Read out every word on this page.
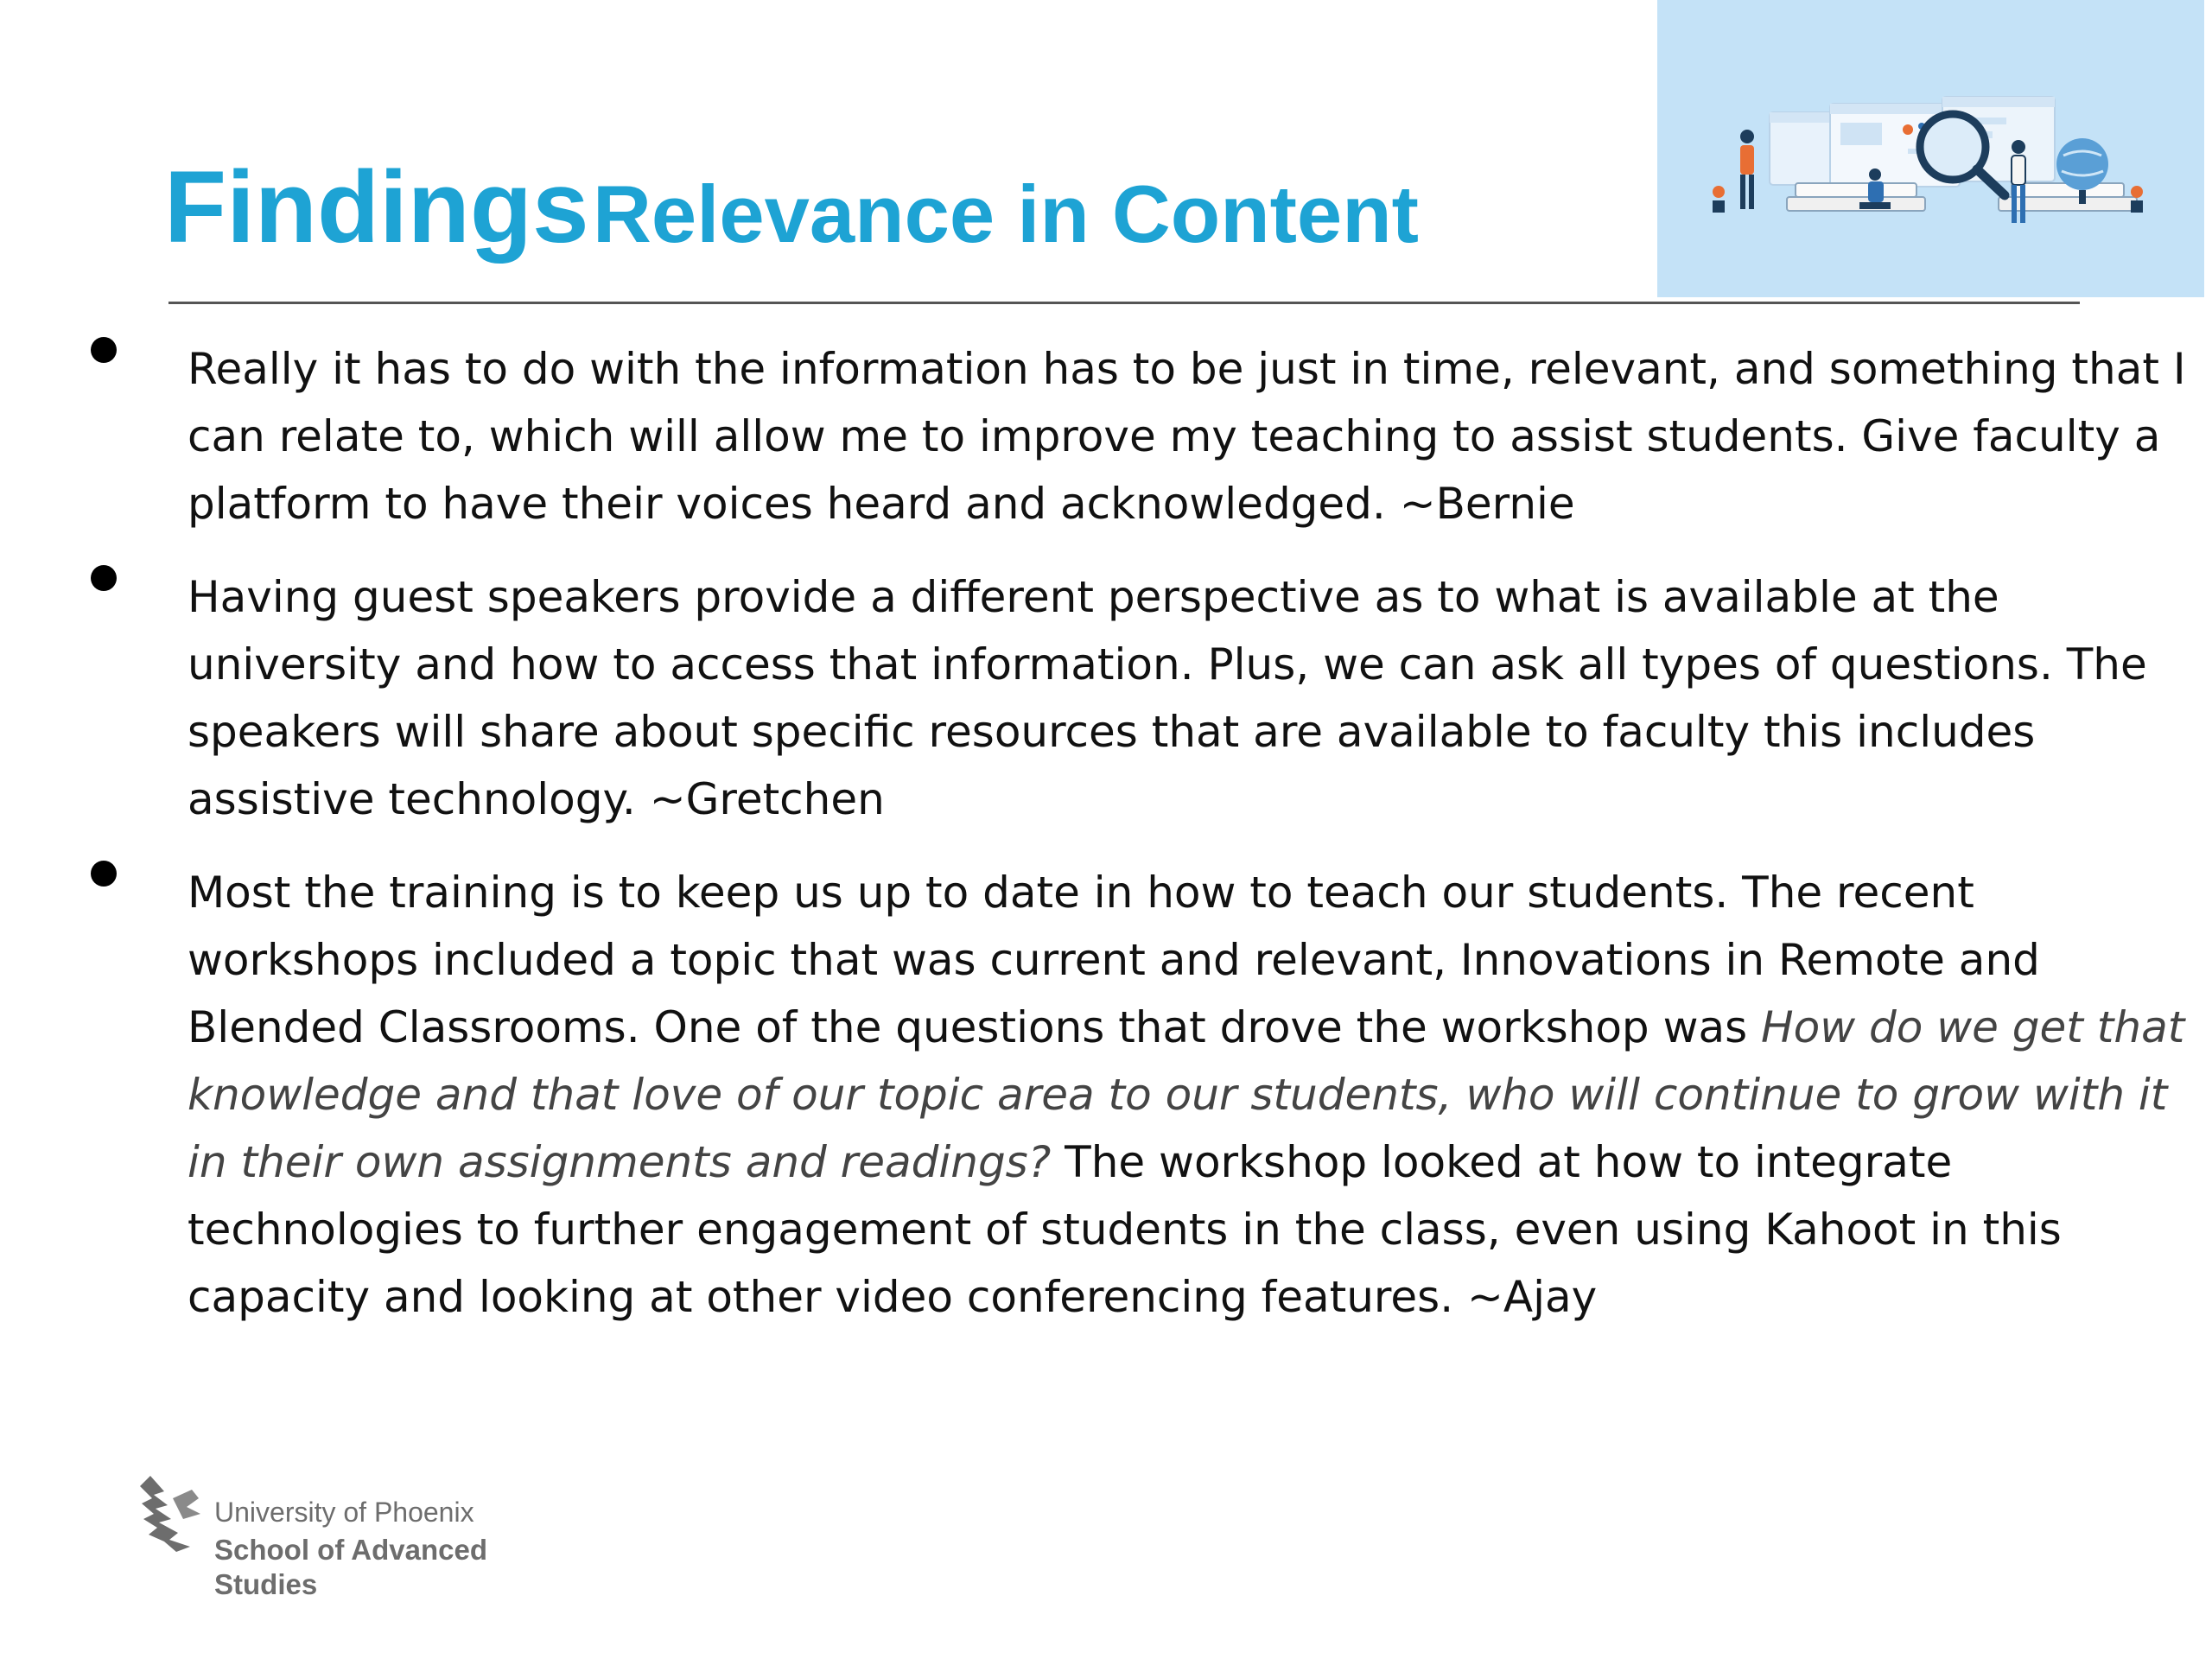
Findings Relevance in Content
Really it has to do with the information has to be just in time, relevant, and something that I can relate to, which will allow me to improve my teaching to assist students. Give faculty a platform to have their voices heard and acknowledged. ~Bernie
Having guest speakers provide a different perspective as to what is available at the university and how to access that information. Plus, we can ask all types of questions. The speakers will share about specific resources that are available to faculty this includes assistive technology. ~Gretchen
Most the training is to keep us up to date in how to teach our students. The recent workshops included a topic that was current and relevant, Innovations in Remote and Blended Classrooms. One of the questions that drove the workshop was How do we get that knowledge and that love of our topic area to our students, who will continue to grow with it in their own assignments and readings? The workshop looked at how to integrate technologies to further engagement of students in the class, even using Kahoot in this capacity and looking at other video conferencing features. ~Ajay
University of Phoenix
School of Advanced Studies
